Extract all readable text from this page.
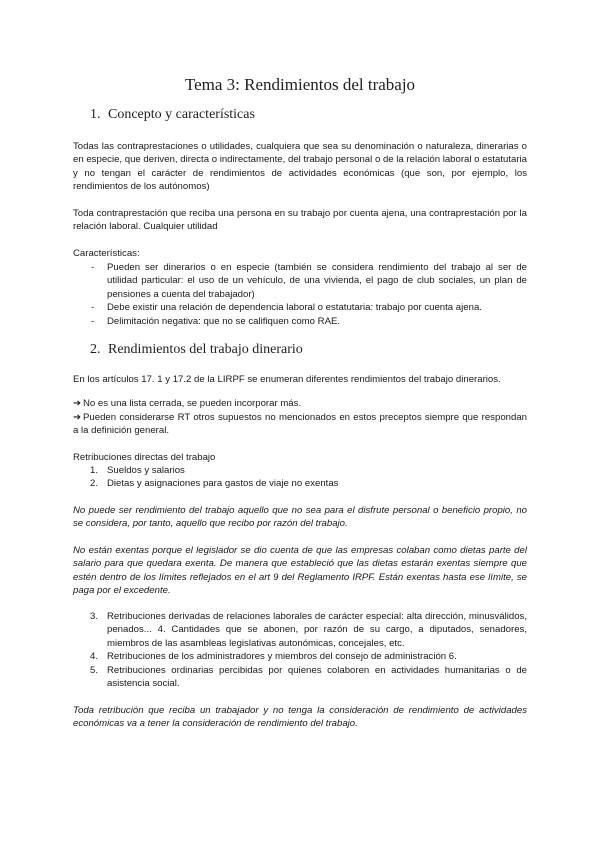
Tema 3: Rendimientos del trabajo
1. Concepto y características
Todas las contraprestaciones o utilidades, cualquiera que sea su denominación o naturaleza, dinerarias o en especie, que deriven, directa o indirectamente, del trabajo personal o de la relación laboral o estatutaria y no tengan el carácter de rendimientos de actividades económicas (que son, por ejemplo, los rendimientos de los autónomos)
Toda contraprestación que reciba una persona en su trabajo por cuenta ajena, una contraprestación por la relación laboral. Cualquier utilidad
Características:
- Pueden ser dinerarios o en especie (también se considera rendimiento del trabajo al ser de utilidad particular: el uso de un vehículo, de una vivienda, el pago de club sociales, un plan de pensiones a cuenta del trabajador)
- Debe existir una relación de dependencia laboral o estatutaria: trabajo por cuenta ajena.
- Delimitación negativa: que no se califiquen como RAE.
2. Rendimientos del trabajo dinerario
En los artículos 17. 1 y 17.2 de la LIRPF se enumeran diferentes rendimientos del trabajo dinerarios.
➔ No es una lista cerrada, se pueden incorporar más.
➔ Pueden considerarse RT otros supuestos no mencionados en estos preceptos siempre que respondan a la definición general.
Retribuciones directas del trabajo
1. Sueldos y salarios
2. Dietas y asignaciones para gastos de viaje no exentas
No puede ser rendimiento del trabajo aquello que no sea para el disfrute personal o beneficio propio, no se considera, por tanto, aquello que recibo por razón del trabajo.
No están exentas porque el legislador se dio cuenta de que las empresas colaban como dietas parte del salario para que quedara exenta. De manera que estableció que las dietas estarán exentas siempre que estén dentro de los límites reflejados en el art 9 del Reglamento IRPF. Están exentas hasta ese límite, se paga por el excedente.
3. Retribuciones derivadas de relaciones laborales de carácter especial: alta dirección, minusválidos, penados... 4. Cantidades que se abonen, por razón de su cargo, a diputados, senadores, miembros de las asambleas legislativas autonómicas, concejales, etc.
4. Retribuciones de los administradores y miembros del consejo de administración 6.
5. Retribuciones ordinarias percibidas por quienes colaboren en actividades humanitarias o de asistencia social.
Toda retribución que reciba un trabajador y no tenga la consideración de rendimiento de actividades económicas va a tener la consideración de rendimiento del trabajo.
